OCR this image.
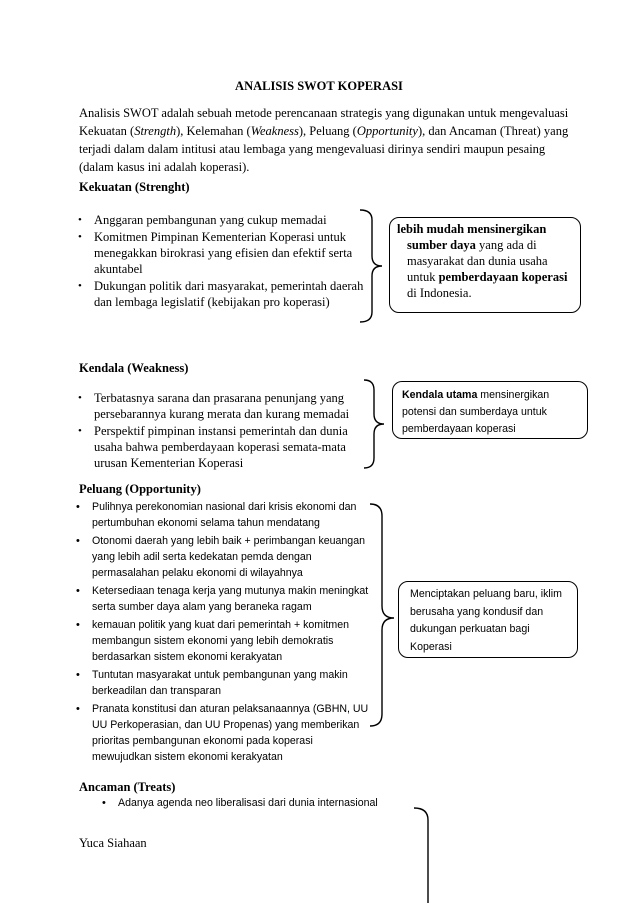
ANALISIS SWOT KOPERASI
Analisis SWOT adalah sebuah metode perencanaan strategis yang digunakan untuk mengevaluasi Kekuatan (Strength), Kelemahan (Weakness), Peluang (Opportunity), dan Ancaman (Threat) yang terjadi dalam dalam intitusi atau lembaga yang mengevaluasi dirinya sendiri maupun pesaing (dalam kasus ini adalah koperasi).
Kekuatan (Strenght)
• Anggaran pembangunan yang cukup memadai
• Komitmen Pimpinan Kementerian Koperasi untuk menegakkan birokrasi yang efisien dan efektif serta akuntabel
• Dukungan politik dari masyarakat, pemerintah daerah dan lembaga legislatif (kebijakan pro koperasi)
lebih mudah mensinergikan

sumber daya yang ada di masyarakat dan dunia usaha untuk pemberdayaan koperasi di Indonesia.
Kendala (Weakness)
• Terbatasnya sarana dan prasarana penunjang yang persebarannya kurang merata dan kurang memadai
• Perspektif pimpinan instansi pemerintah dan dunia usaha bahwa pemberdayaan koperasi semata-mata urusan Kementerian Koperasi
Kendala utama mensinergikan potensi dan sumberdaya untuk pemberdayaan koperasi
Peluang (Opportunity)
• Pulihnya perekonomian nasional dari krisis ekonomi dan pertumbuhan ekonomi selama tahun mendatang
• Otonomi daerah yang lebih baik + perimbangan keuangan yang lebih adil serta kedekatan pemda dengan permasalahan pelaku ekonomi di wilayahnya
• Ketersediaan tenaga kerja yang mutunya makin meningkat serta sumber daya alam yang beraneka ragam
• kemauan politik yang kuat dari pemerintah + komitmen membangun sistem ekonomi yang lebih demokratis berdasarkan sistem ekonomi kerakyatan
• Tuntutan masyarakat untuk pembangunan yang makin berkeadilan dan transparan
• Pranata konstitusi dan aturan pelaksanaannya (GBHN, UU UU Perkoperasian, dan UU Propenas) yang memberikan prioritas pembangunan ekonomi pada koperasi mewujudkan sistem ekonomi kerakyatan
Menciptakan peluang baru, iklim berusaha yang kondusif dan dukungan perkuatan bagi Koperasi
Ancaman (Treats)
• Adanya agenda neo liberalisasi dari dunia internasional
Yuca Siahaan
